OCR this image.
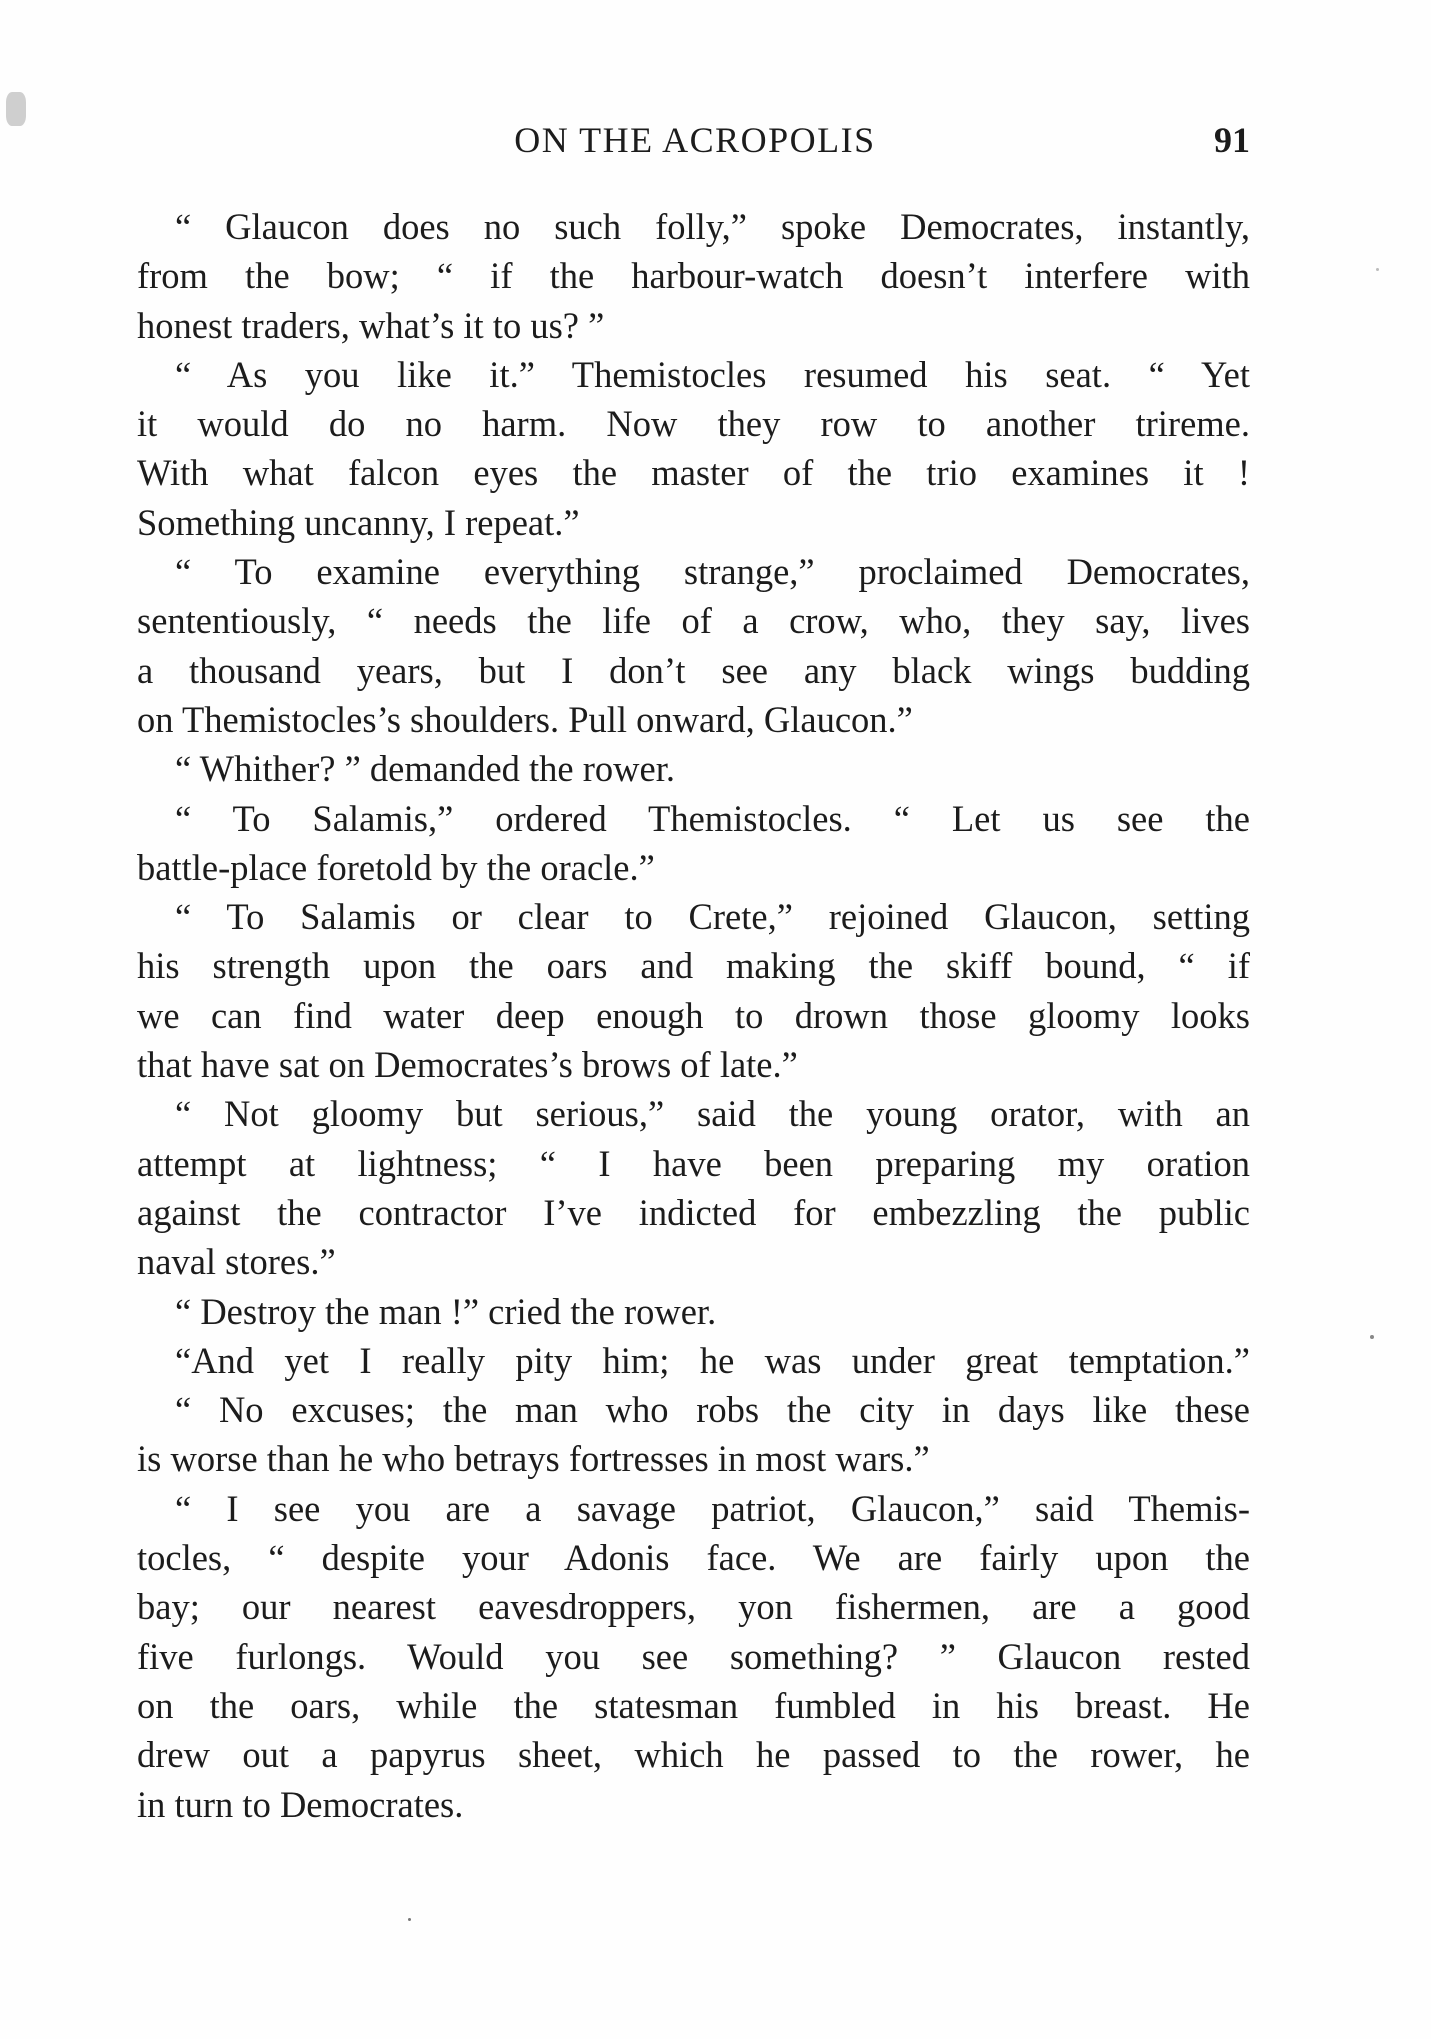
ON THE ACROPOLIS	91
“ Glaucon does no such folly,” spoke Democrates, instantly,
from the bow; “ if the harbour-watch doesn’t interfere with
honest traders, what’s it to us? ”
“ As you like it.” Themistocles resumed his seat. “ Yet
it would do no harm. Now they row to another trireme.
With what falcon eyes the master of the trio examines it !
Something uncanny, I repeat.”
“ To examine everything strange,” proclaimed Democrates,
sententiously, “ needs the life of a crow, who, they say, lives
a thousand years, but I don’t see any black wings budding
on Themistocles’s shoulders. Pull onward, Glaucon.”
“ Whither? ” demanded the rower.
“ To Salamis,” ordered Themistocles. “ Let us see the
battle-place foretold by the oracle.”
“ To Salamis or clear to Crete,” rejoined Glaucon, setting
his strength upon the oars and making the skiff bound, “ if
we can find water deep enough to drown those gloomy looks
that have sat on Democrates’s brows of late.”
“ Not gloomy but serious,” said the young orator, with an
attempt at lightness; “ I have been preparing my oration
against the contractor I’ve indicted for embezzling the public
naval stores.”
“ Destroy the man !” cried the rower.
“And yet I really pity him; he was under great temptation.”
“ No excuses; the man who robs the city in days like these
is worse than he who betrays fortresses in most wars.”
“ I see you are a savage patriot, Glaucon,” said Themis-
tocles, “ despite your Adonis face. We are fairly upon the
bay; our nearest eavesdroppers, yon fishermen, are a good
five furlongs. Would you see something? ” Glaucon rested
on the oars, while the statesman fumbled in his breast. He
drew out a papyrus sheet, which he passed to the rower, he
in turn to Democrates.
